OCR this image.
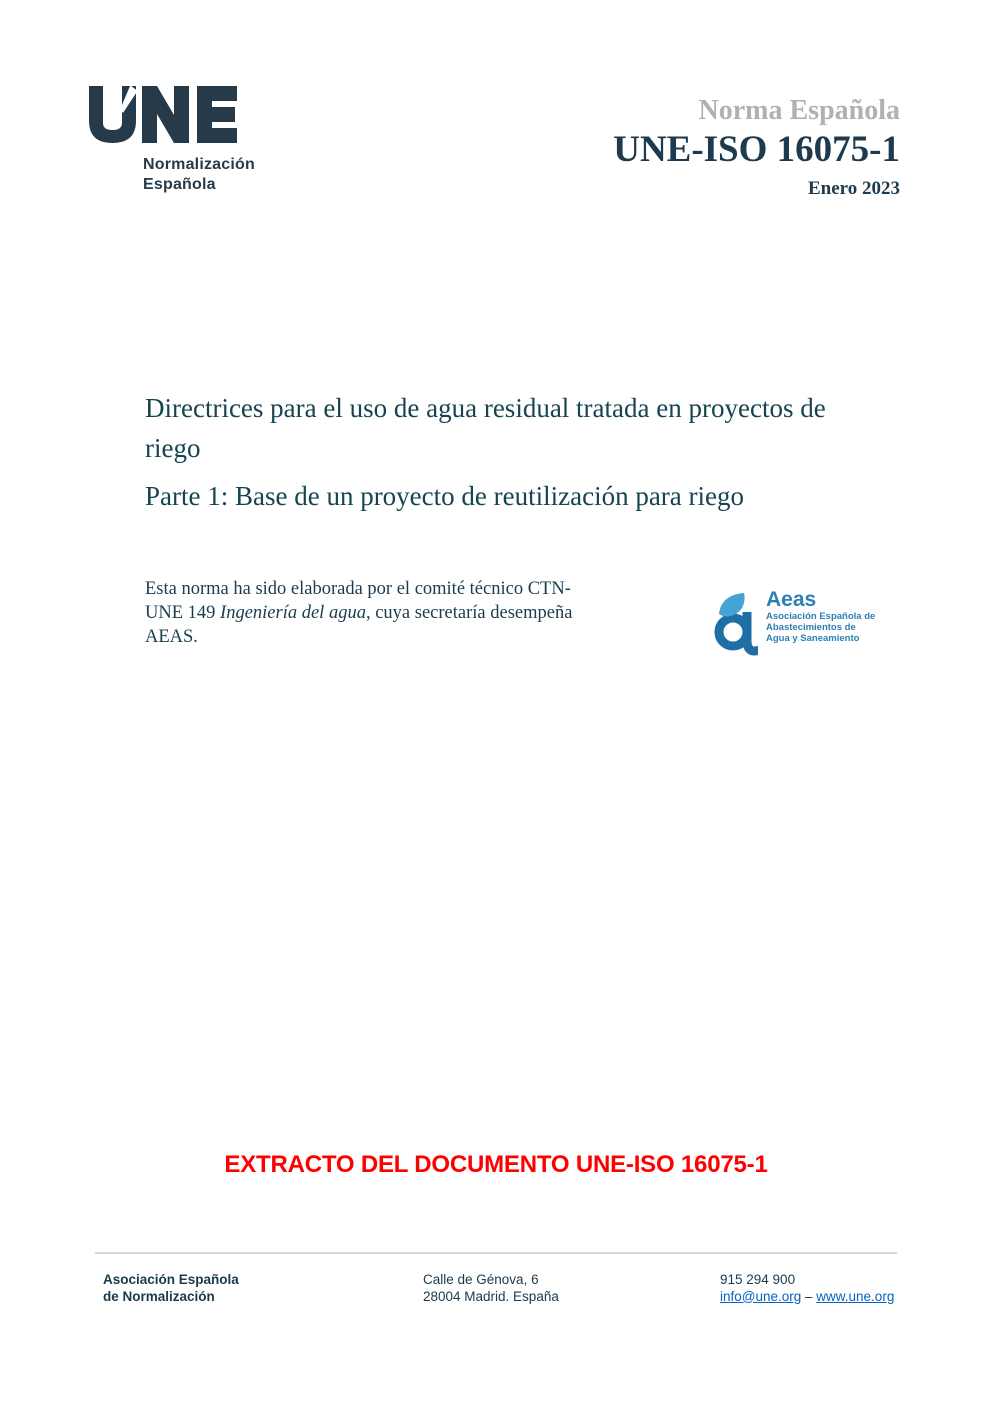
Normalización
Española
Norma Española
UNE-ISO 16075-1
Enero 2023
Directrices para el uso de agua residual tratada en proyectos de riego
Parte 1: Base de un proyecto de reutilización para riego

Esta norma ha sido elaborada por el comité técnico CTN-UNE 149 Ingeniería del agua, cuya secretaría desempeña AEAS.

Aeas
Asociación Española de
Abastecimientos de
Agua y Saneamiento
EXTRACTO DEL DOCUMENTO UNE-ISO 16075-1
Asociación Española
de Normalización
Calle de Génova, 6
28004 Madrid. España
915 294 900
info@une.org – www.une.org
